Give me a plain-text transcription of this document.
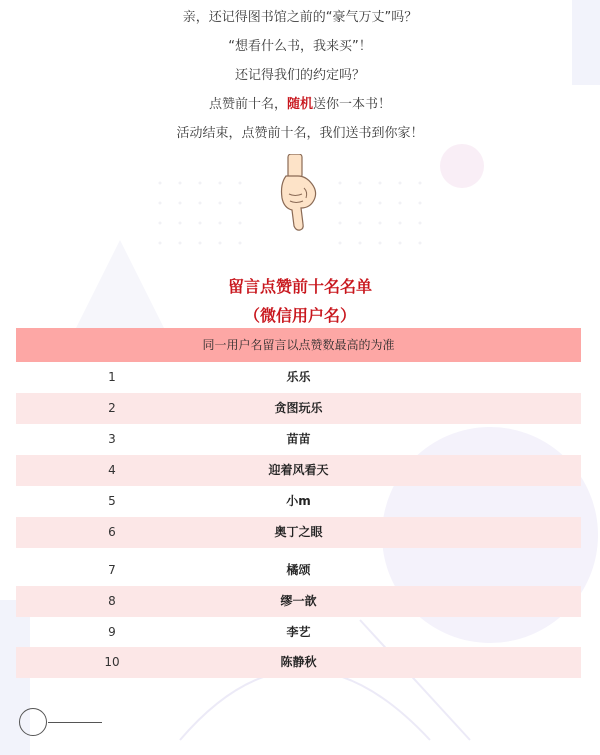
亲，还记得图书馆之前的“豪气万丈”吗？

“想看什么书，我来买”！

还记得我们的约定吗？

点赞前十名，随机送你一本书！

活动结束，点赞前十名，我们送书到你家！

留言点赞前十名名单
（微信用户名）
同一用户名留言以点赞数最高的为准
1	乐乐
2	贪图玩乐
3	苗苗
4	迎着风看天
5	小m
6	奥丁之眼
7	橘颂
8	缪一歆
9	李艺
10	陈静秋
